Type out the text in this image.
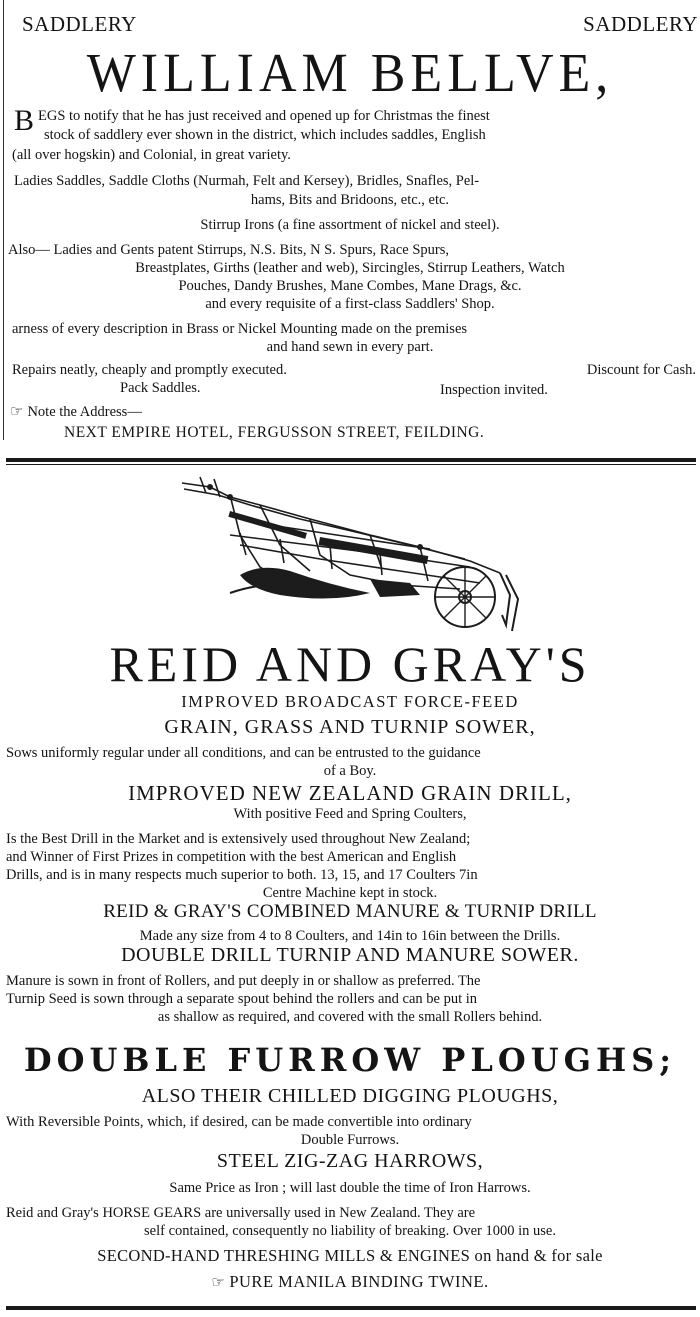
SADDLERY	SADDLERY
WILLIAM BELLVE,
BEGS to notify that he has just received and opened up for Christmas the finest
stock of saddlery ever shown in the district, which includes saddles, English
(all over hogskin) and Colonial, in great variety.
Ladies Saddles, Saddle Cloths (Nurmah, Felt and Kersey), Bridles, Snafles, Pel-
hams, Bits and Bridoons, etc., etc.
Stirrup Irons (a fine assortment of nickel and steel).
Also— Ladies and Gents patent Stirrups, N.S. Bits, N S. Spurs, Race Spurs,
Breastplates, Girths (leather and web), Sircingles, Stirrup Leathers, Watch
Pouches, Dandy Brushes, Mane Combes, Mane Drags, &c.
and every requisite of a first-class Saddlers' Shop.
arness of every description in Brass or Nickel Mounting made on the premises
and hand sewn in every part.
Repairs neatly, cheaply and promptly executed.	Discount for Cash.
Pack Saddles.	Inspection invited.
☞ Note the Address—
NEXT EMPIRE HOTEL, FERGUSSON STREET, FEILDING.
REID AND GRAY'S
IMPROVED BROADCAST FORCE-FEED
GRAIN, GRASS AND TURNIP SOWER,
Sows uniformly regular under all conditions, and can be entrusted to the guidance
of a Boy.
IMPROVED NEW ZEALAND GRAIN DRILL,
With positive Feed and Spring Coulters,
Is the Best Drill in the Market and is extensively used throughout New Zealand;
and Winner of First Prizes in competition with the best American and English
Drills, and is in many respects much superior to both. 13, 15, and 17 Coulters 7in
Centre Machine kept in stock.
REID & GRAY'S COMBINED MANURE & TURNIP DRILL
Made any size from 4 to 8 Coulters, and 14in to 16in between the Drills.
DOUBLE DRILL TURNIP AND MANURE SOWER.
Manure is sown in front of Rollers, and put deeply in or shallow as preferred. The
Turnip Seed is sown through a separate spout behind the rollers and can be put in
as shallow as required, and covered with the small Rollers behind.
DOUBLE FURROW PLOUGHS;
ALSO THEIR CHILLED DIGGING PLOUGHS,
With Reversible Points, which, if desired, can be made convertible into ordinary
Double Furrows.
STEEL ZIG-ZAG HARROWS,
Same Price as Iron ; will last double the time of Iron Harrows.
Reid and Gray's HORSE GEARS are universally used in New Zealand. They are
self contained, consequently no liability of breaking. Over 1000 in use.
SECOND-HAND THRESHING MILLS & ENGINES on hand & for sale
☞ PURE MANILA BINDING TWINE.
